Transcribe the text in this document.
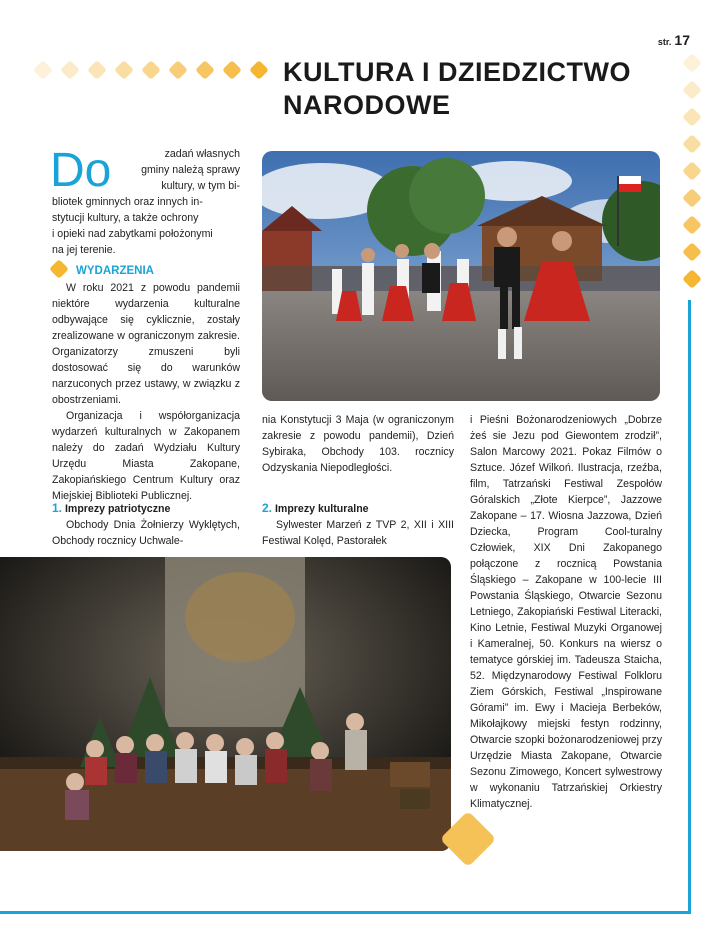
str. 17
KULTURA I DZIEDZICTWO
NARODOWE
Do	zadań własnych
gminy należą sprawy
kultury, w tym bi-
bliotek gminnych oraz innych in-
stytucji kultury, a także ochrony
i opieki nad zabytkami położonymi
na jej terenie.
WYDARZENIA

W roku 2021 z powodu pandemii niektóre wydarzenia kulturalne odbywające się cyklicznie, zostały zrealizowane w ograniczonym zakresie. Organizatorzy zmuszeni byli dostosować się do warunków narzuconych przez ustawy, w związku z obostrzeniami.

Organizacja i współorganizacja wydarzeń kulturalnych w Zakopanem należy do zadań Wydziału Kultury Urzędu Miasta Zakopane, Zakopiańskiego Centrum Kultury oraz Miejskiej Biblioteki Publicznej.

1. Imprezy patriotyczne

Obchody Dnia Żołnierzy Wyklętych, Obchody rocznicy Uchwale-

nia Konstytucji 3 Maja (w ograniczonym zakresie z powodu pandemii), Dzień Sybiraka, Obchody 103. rocznicy Odzyskania Niepodległości.

2. Imprezy kulturalne

Sylwester Marzeń z TVP 2, XII i XIII Festiwal Kolęd, Pastorałek

i Pieśni Bożonarodzeniowych „Dobrze żeś sie Jezu pod Giewontem zrodził”, Salon Marcowy 2021. Pokaz Filmów o Sztuce. Józef Wilkoń. Ilustracja, rzeźba, film, Tatrzański Festiwal Zespołów Góralskich „Złote Kierpce”, Jazzowe Zakopane – 17. Wiosna Jazzowa, Dzień Dziecka, Program Cool-turalny Człowiek, XIX Dni Zakopanego połączone z rocznicą Powstania Śląskiego – Zakopane w 100-lecie III Powstania Śląskiego, Otwarcie Sezonu Letniego, Zakopiański Festiwal Literacki, Kino Letnie, Festiwal Muzyki Organowej i Kameralnej, 50. Konkurs na wiersz o tematyce górskiej im. Tadeusza Staicha, 52. Międzynarodowy Festiwal Folkloru Ziem Górskich, Festiwal „Inspirowane Górami” im. Ewy i Macieja Berbeków, Mikołajkowy miejski festyn rodzinny, Otwarcie szopki bożonarodzeniowej przy Urzędzie Miasta Zakopane, Otwarcie Sezonu Zimowego, Koncert sylwestrowy w wykonaniu Tatrzańskiej Orkiestry Klimatycznej.
